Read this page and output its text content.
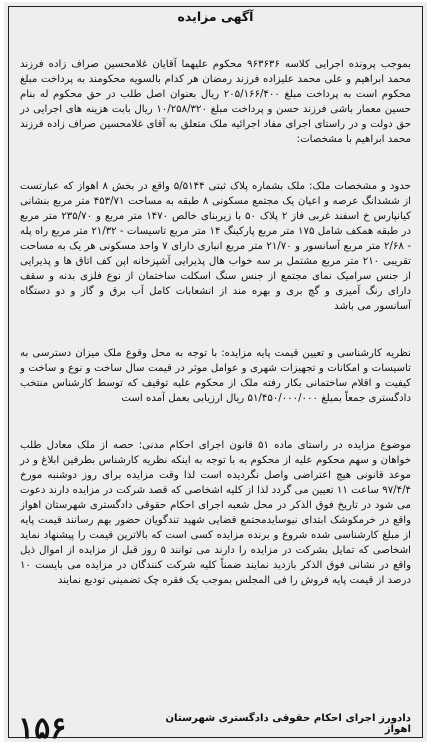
آگهی مزایده

بموجب پرونده اجرایی کلاسه ۹۶۳۶۳۶ محکوم علیهما آقایان غلامحسین صراف زاده فرزند محمد ابراهیم و علی محمد علیزاده فرزند رمضان هر کدام بالسویه محکومند به پرداخت مبلغ محکوم است به پرداخت مبلغ ۲۰۵/۱۶۶/۴۰۰ ریال بعنوان اصل طلب در حق محکوم له بنام حسین معمار باشی فرزند حسن و پرداخت مبلغ ۱۰/۲۵۸/۳۲۰ ریال بابت هزینه های اجرایی در حق دولت و در راستای اجرای مفاد اجرائیه ملک متعلق به آقای غلامحسین صراف زاده فرزند محمد ابراهیم با مشخصات:

حدود و مشخصات ملک: ملک بشماره پلاک ثبتی ۵/۵۱۴۴ واقع در بخش ۸ اهواز که عبارتست از ششدانگ عرصه و اعیان یک مجتمع مسکونی ۸ طبقه به مساحت ۴۵۳/۷۱ متر مربع بنشانی کیانپارس خ اسفند غربی فاز ۲ پلاک ۵۰ با زیربنای خالص ۱۴۷۰ متر مربع و ۲۳۵/۷۰ متر مربع در طبقه همکف شامل ۱۷۵ متر مربع پارکینگ ۱۴ متر مربع تاسیسات - ۲۱/۳۲ متر مربع راه پله - ۲/۶۸ متر مربع آسانسور و ۲۱/۷۰ متر مربع انباری دارای ۷ واحد مسکونی هر یک به مساحت تقریبی ۲۱۰ متر مربع مشتمل بر سه خواب هال پذیرایی آشپزخانه اپن کف اتاق ها و پذیرایی از جنس سرامیک نمای مجتمع از جنس سنگ اسکلت ساختمان از نوع فلزی بدنه و سقف دارای رنگ آمیزی و گچ بری و بهره مند از انشعابات کامل آب برق و گاز و دو دستگاه آسانسور می باشد

نظریه کارشناسی و تعیین قیمت پایه مزایده: با توجه به محل وقوع ملک میزان دسترسی به تاسیسات و امکانات و تجهیزات شهری و عوامل موثر در قیمت سال ساخت و نوع و ساخت و کیفیت و اقلام ساختمانی بکار رفته ملک از محکوم علیه توقیف که توسط کارشناس منتخب دادگستری جمعاً بمبلغ ۵۱/۴۵۰/۰۰۰/۰۰۰ ریال ارزیابی بعمل آمده است

موضوع مزایده در راستای ماده ۵۱ قانون اجرای احکام مدنی: حصه از ملک معادل طلب خواهان و سهم محکوم علیه از محکوم به با توجه به اینکه نظریه کارشناس بطرفین ابلاغ و در موعد قانونی هیچ اعتراضی واصل نگردیده است لذا وقت مزایده برای روز دوشنبه مورخ ۹۷/۴/۴ ساعت ۱۱ تعیین می گردد لذا از کلیه اشخاصی که قصد شرکت در مزایده دارند دعوت می شود در تاریخ فوق الذکر در محل شعبه اجرای احکام حقوقی دادگستری شهرستان اهواز واقع در خرمکوشک ابتدای نیوسایدمجتمع قضایی شهید تندگویان حضور بهم رسانند قیمت پایه از مبلغ کارشناسی شده شروع و برنده مزایده کسی است که بالاترین قیمت را پیشنهاد نماید اشخاصی که تمایل بشرکت در مزایده را دارند می توانند ۵ روز قبل از مزایده از اموال ذیل واقع در نشانی فوق الذکر بازدید نمایند ضمناً کلیه شرکت کنندگان در مزایده می بایست ۱۰ درصد از قیمت پایه فروش را فی المجلس بموجب یک فقره چک تضمینی تودیع نمایند

دادورز اجرای احکام حقوقی دادگستری شهرستان اهواز
۱۵۶
